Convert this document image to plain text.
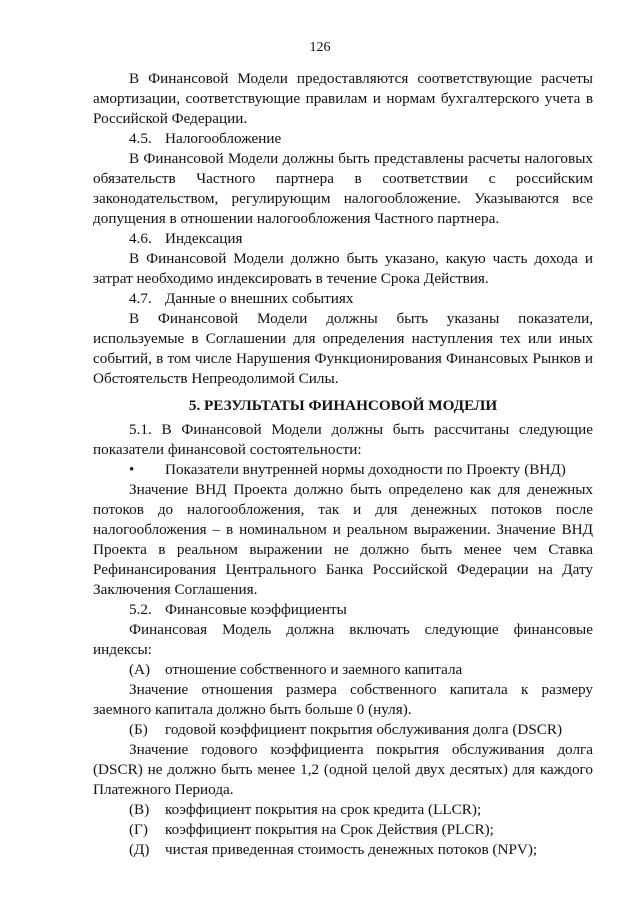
126

В Финансовой Модели предоставляются соответствующие расчеты амортизации, соответствующие правилам и нормам бухгалтерского учета в Российской Федерации.

4.5. Налогообложение

В Финансовой Модели должны быть представлены расчеты налоговых обязательств Частного партнера в соответствии с российским законодательством, регулирующим налогообложение. Указываются все допущения в отношении налогообложения Частного партнера.

4.6. Индексация

В Финансовой Модели должно быть указано, какую часть дохода и затрат необходимо индексировать в течение Срока Действия.

4.7. Данные о внешних событиях

В Финансовой Модели должны быть указаны показатели, используемые в Соглашении для определения наступления тех или иных событий, в том числе Нарушения Функционирования Финансовых Рынков и Обстоятельств Непреодолимой Силы.

5. РЕЗУЛЬТАТЫ ФИНАНСОВОЙ МОДЕЛИ

5.1. В Финансовой Модели должны быть рассчитаны следующие показатели финансовой состоятельности:

• Показатели внутренней нормы доходности по Проекту (ВНД)

Значение ВНД Проекта должно быть определено как для денежных потоков до налогообложения, так и для денежных потоков после налогообложения – в номинальном и реальном выражении. Значение ВНД Проекта в реальном выражении не должно быть менее чем Ставка Рефинансирования Центрального Банка Российской Федерации на Дату Заключения Соглашения.

5.2. Финансовые коэффициенты

Финансовая Модель должна включать следующие финансовые индексы:

(А) отношение собственного и заемного капитала

Значение отношения размера собственного капитала к размеру заемного капитала должно быть больше 0 (нуля).

(Б) годовой коэффициент покрытия обслуживания долга (DSCR)

Значение годового коэффициента покрытия обслуживания долга (DSCR) не должно быть менее 1,2 (одной целой двух десятых) для каждого Платежного Периода.

(В) коэффициент покрытия на срок кредита (LLCR);

(Г) коэффициент покрытия на Срок Действия (PLCR);

(Д) чистая приведенная стоимость денежных потоков (NPV);
